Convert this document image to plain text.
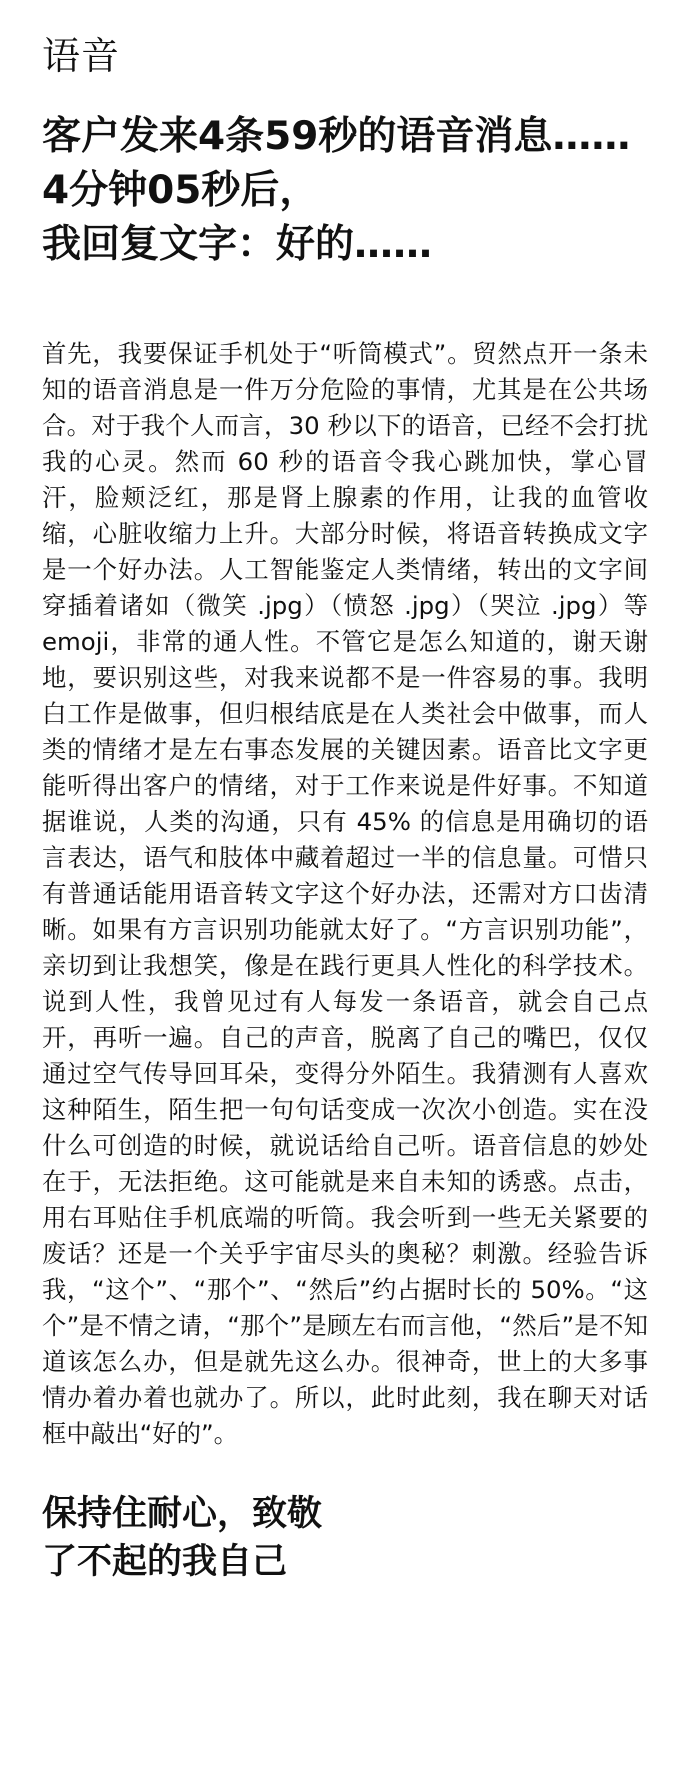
语音
客户发来4条59秒的语音消息……
4分钟05秒后，
我回复文字：好的……
首先，我要保证手机处于“听筒模式”。贸然点开一条未知的语音消息是一件万分危险的事情，尤其是在公共场合。对于我个人而言，30 秒以下的语音，已经不会打扰我的心灵。然而 60 秒的语音令我心跳加快，掌心冒汗，脸颊泛红，那是肾上腺素的作用，让我的血管收缩，心脏收缩力上升。大部分时候，将语音转换成文字是一个好办法。人工智能鉴定人类情绪，转出的文字间穿插着诸如（微笑 .jpg）（愤怒 .jpg）（哭泣 .jpg）等 emoji，非常的通人性。不管它是怎么知道的，谢天谢地，要识别这些，对我来说都不是一件容易的事。我明白工作是做事，但归根结底是在人类社会中做事，而人类的情绪才是左右事态发展的关键因素。语音比文字更能听得出客户的情绪，对于工作来说是件好事。不知道据谁说，人类的沟通，只有 45% 的信息是用确切的语言表达，语气和肢体中藏着超过一半的信息量。可惜只有普通话能用语音转文字这个好办法，还需对方口齿清晰。如果有方言识别功能就太好了。“方言识别功能”，亲切到让我想笑，像是在践行更具人性化的科学技术。说到人性，我曾见过有人每发一条语音，就会自己点开，再听一遍。自己的声音，脱离了自己的嘴巴，仅仅通过空气传导回耳朵，变得分外陌生。我猜测有人喜欢这种陌生，陌生把一句句话变成一次次小创造。实在没什么可创造的时候，就说话给自己听。语音信息的妙处在于，无法拒绝。这可能就是来自未知的诱惑。点击，用右耳贴住手机底端的听筒。我会听到一些无关紧要的废话？还是一个关乎宇宙尽头的奥秘？刺激。经验告诉我，“这个”、“那个”、“然后”约占据时长的 50%。“这个”是不情之请，“那个”是顾左右而言他，“然后”是不知道该怎么办，但是就先这么办。很神奇，世上的大多事情办着办着也就办了。所以，此时此刻，我在聊天对话框中敲出“好的”。
保持住耐心，致敬
了不起的我自己
